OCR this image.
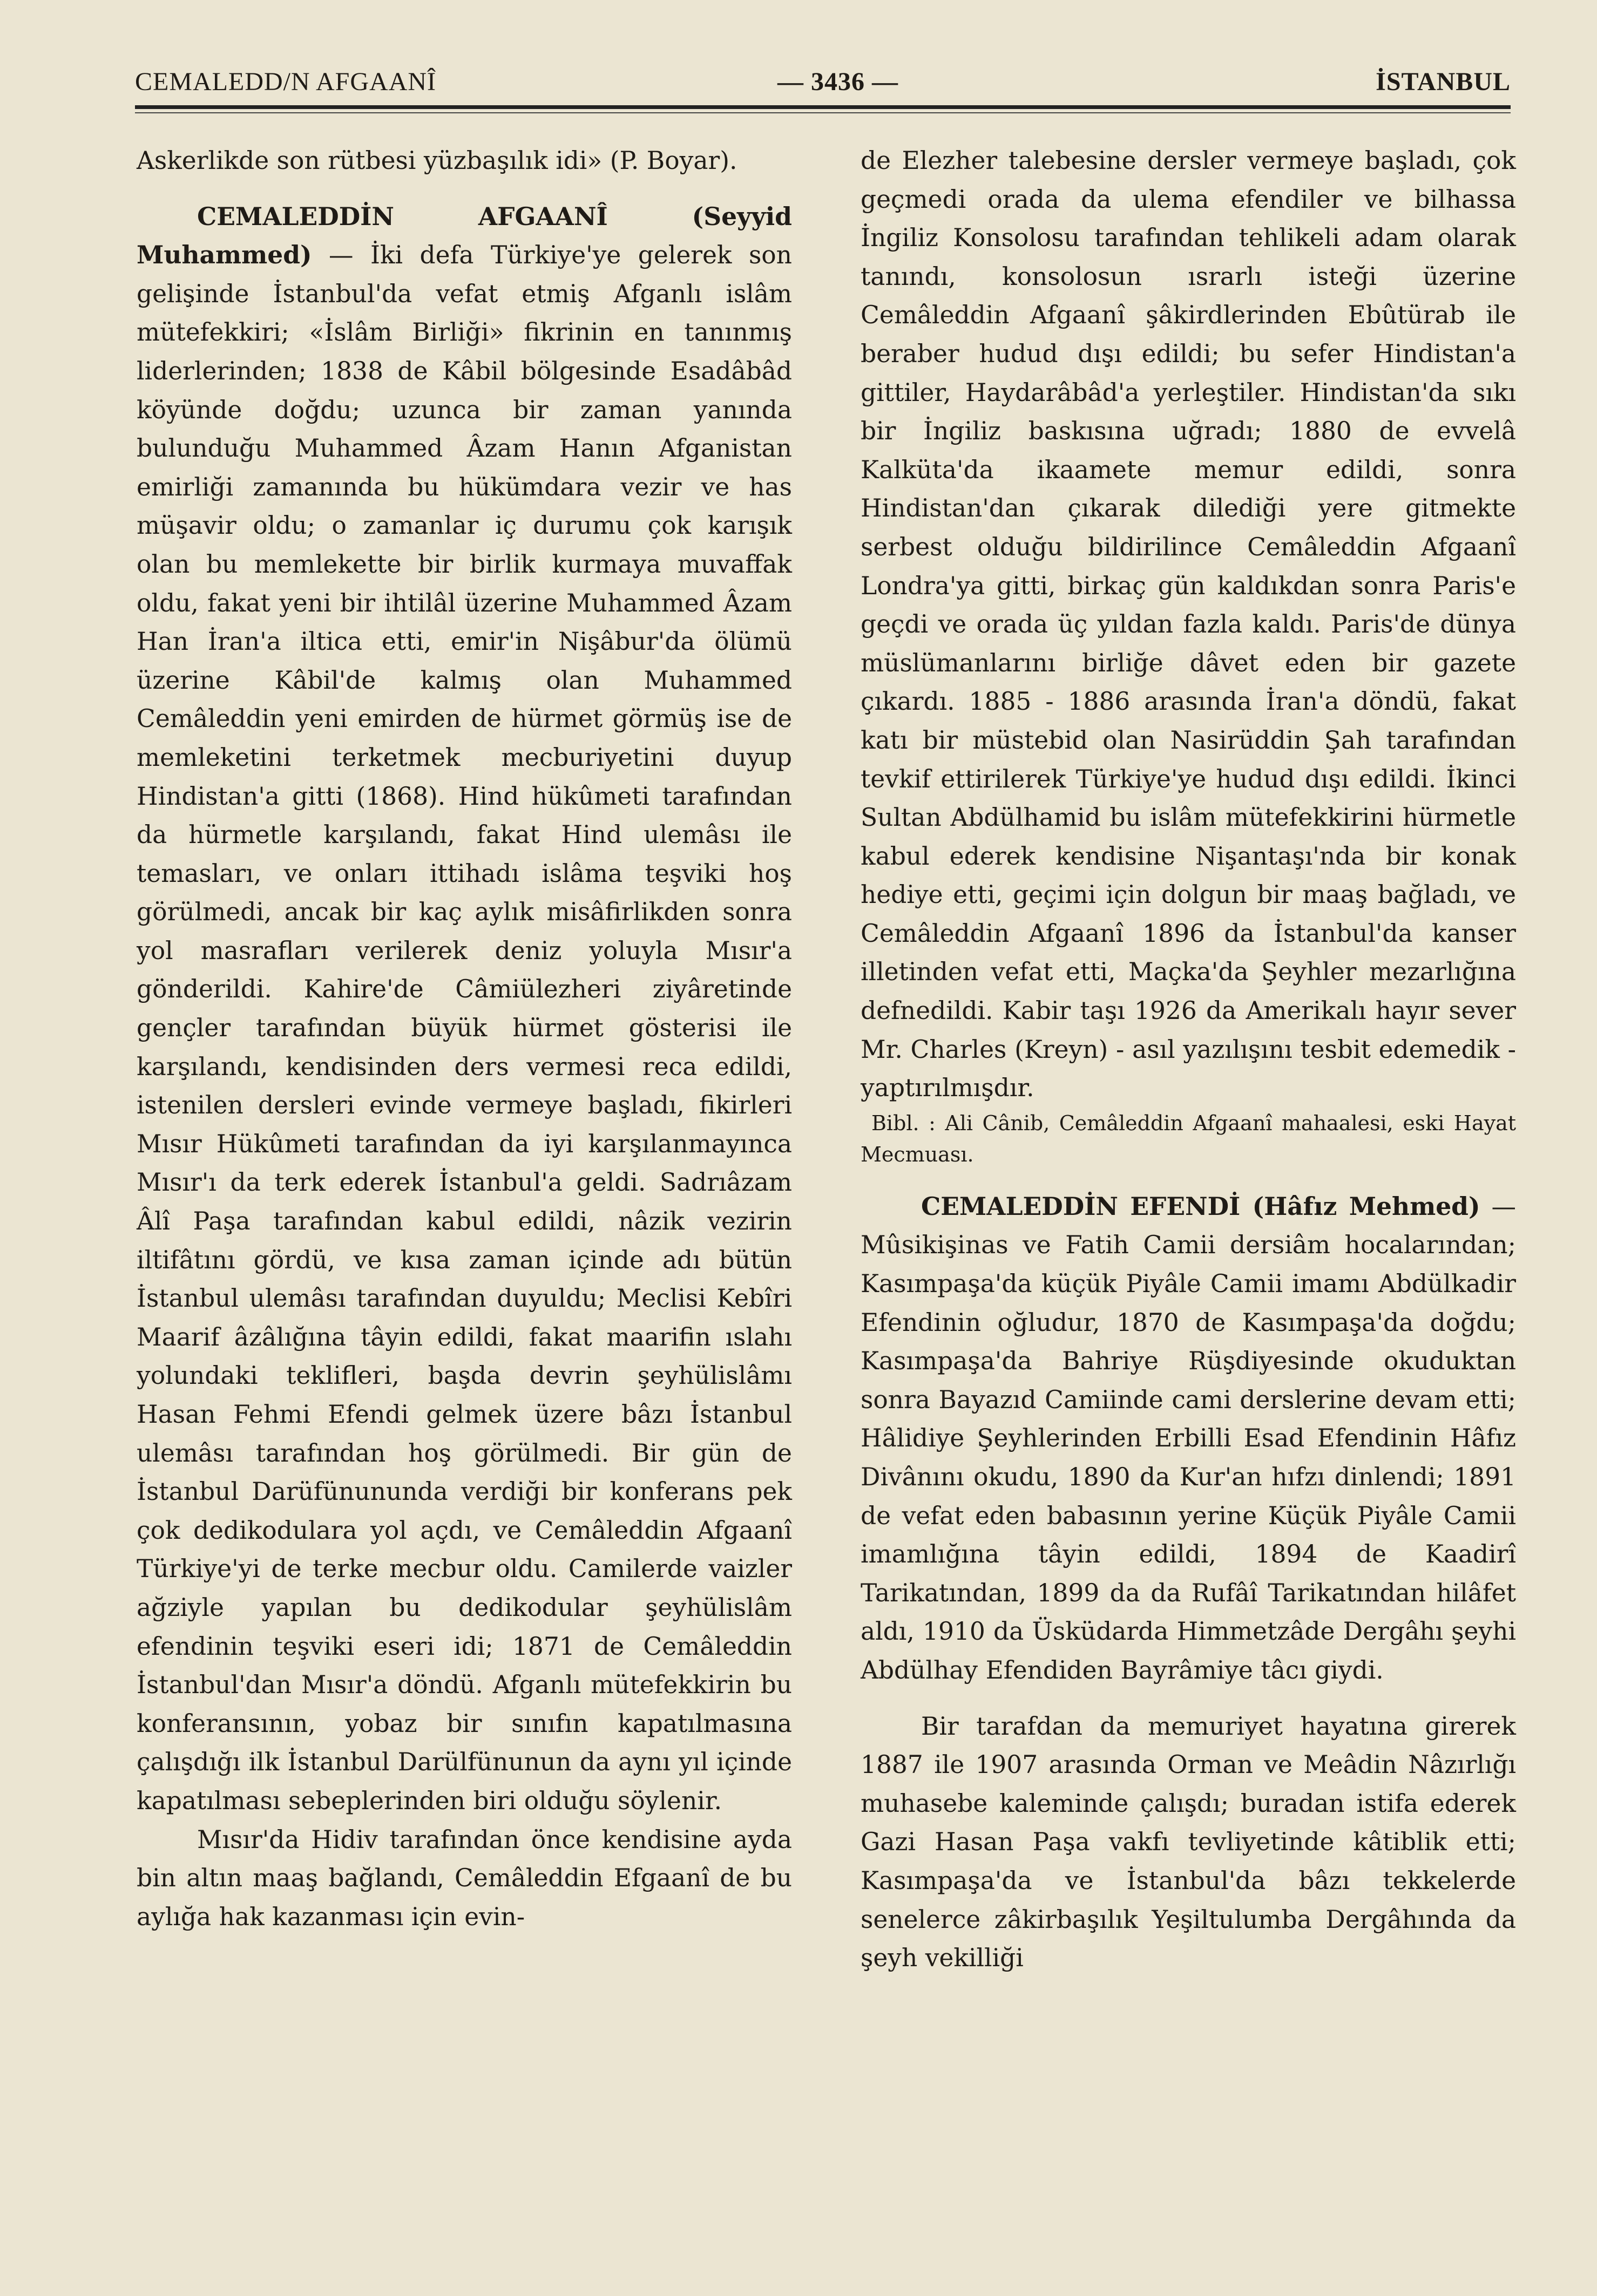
CEMALEDD/N AFGAANÎ	— 3436 —	İSTANBUL

Askerlikde son rütbesi yüzbaşılık idi» (P. Boyar).

CEMALEDDİN AFGAANÎ (Seyyid Muhammed) — İki defa Türkiye'ye gelerek son gelişinde İstanbul'da vefat etmiş Afganlı islâm mütefekkiri; «İslâm Birliği» fikrinin en tanınmış liderlerinden; 1838 de Kâbil bölgesinde Esadâbâd köyünde doğdu; uzunca bir zaman yanında bulunduğu Muhammed Âzam Hanın Afganistan emirliği zamanında bu hükümdara vezir ve has müşavir oldu; o zamanlar iç durumu çok karışık olan bu memlekette bir birlik kurmaya muvaffak oldu, fakat yeni bir ihtilâl üzerine Muhammed Âzam Han İran'a iltica etti, emir'in Nişâbur'da ölümü üzerine Kâbil'de kalmış olan Muhammed Cemâleddin yeni emirden de hürmet görmüş ise de memleketini terketmek mecburiyetini duyup Hindistan'a gitti (1868). Hind hükûmeti tarafından da hürmetle karşılandı, fakat Hind ulemâsı ile temasları, ve onları ittihadı islâma teşviki hoş görülmedi, ancak bir kaç aylık misâfirlikden sonra yol masrafları verilerek deniz yoluyla Mısır'a gönderildi. Kahire'de Câmiülezheri ziyâretinde gençler tarafından büyük hürmet gösterisi ile karşılandı, kendisinden ders vermesi reca edildi, istenilen dersleri evinde vermeye başladı, fikirleri Mısır Hükûmeti tarafından da iyi karşılanmayınca Mısır'ı da terk ederek İstanbul'a geldi. Sadrıâzam Âlî Paşa tarafından kabul edildi, nâzik vezirin iltifâtını gördü, ve kısa zaman içinde adı bütün İstanbul ulemâsı tarafından duyuldu; Meclisi Kebîri Maarif âzâlığına tâyin edildi, fakat maarifin ıslahı yolundaki teklifleri, başda devrin şeyhülislâmı Hasan Fehmi Efendi gelmek üzere bâzı İstanbul ulemâsı tarafından hoş görülmedi. Bir gün de İstanbul Darüfünununda verdiği bir konferans pek çok dedikodulara yol açdı, ve Cemâleddin Afgaanî Türkiye'yi de terke mecbur oldu. Camilerde vaizler ağziyle yapılan bu dedikodular şeyhülislâm efendinin teşviki eseri idi; 1871 de Cemâleddin İstanbul'dan Mısır'a döndü. Afganlı mütefekkirin bu konferansının, yobaz bir sınıfın kapatılmasına çalışdığı ilk İstanbul Darülfünunun da aynı yıl içinde kapatılması sebeplerinden biri olduğu söylenir.

Mısır'da Hidiv tarafından önce kendisine ayda bin altın maaş bağlandı, Cemâleddin Efgaanî de bu aylığa hak kazanması için evin-

de Elezher talebesine dersler vermeye başladı, çok geçmedi orada da ulema efendiler ve bilhassa İngiliz Konsolosu tarafından tehlikeli adam olarak tanındı, konsolosun ısrarlı isteği üzerine Cemâleddin Afgaanî şâkirdlerinden Ebûtürab ile beraber hudud dışı edildi; bu sefer Hindistan'a gittiler, Haydarâbâd'a yerleştiler. Hindistan'da sıkı bir İngiliz baskısına uğradı; 1880 de evvelâ Kalküta'da ikaamete memur edildi, sonra Hindistan'dan çıkarak dilediği yere gitmekte serbest olduğu bildirilince Cemâleddin Afgaanî Londra'ya gitti, birkaç gün kaldıkdan sonra Paris'e geçdi ve orada üç yıldan fazla kaldı. Paris'de dünya müslümanlarını birliğe dâvet eden bir gazete çıkardı. 1885 - 1886 arasında İran'a döndü, fakat katı bir müstebid olan Nasirüddin Şah tarafından tevkif ettirilerek Türkiye'ye hudud dışı edildi. İkinci Sultan Abdülhamid bu islâm mütefekkirini hürmetle kabul ederek kendisine Nişantaşı'nda bir konak hediye etti, geçimi için dolgun bir maaş bağladı, ve Cemâleddin Afgaanî 1896 da İstanbul'da kanser illetinden vefat etti, Maçka'da Şeyhler mezarlığına defnedildi. Kabir taşı 1926 da Amerikalı hayır sever Mr. Charles (Kreyn) - asıl yazılışını tesbit edemedik - yaptırılmışdır.

Bibl. : Ali Cânib, Cemâleddin Afgaanî mahaalesi, eski Hayat Mecmuası.

CEMALEDDİN EFENDİ (Hâfız Mehmed) — Mûsikişinas ve Fatih Camii dersiâm hocalarından; Kasımpaşa'da küçük Piyâle Camii imamı Abdülkadir Efendinin oğludur, 1870 de Kasımpaşa'da doğdu; Kasımpaşa'da Bahriye Rüşdiyesinde okuduktan sonra Bayazıd Camiinde cami derslerine devam etti; Hâlidiye Şeyhlerinden Erbilli Esad Efendinin Hâfız Divânını okudu, 1890 da Kur'an hıfzı dinlendi; 1891 de vefat eden babasının yerine Küçük Piyâle Camii imamlığına tâyin edildi, 1894 de Kaadirî Tarikatından, 1899 da da Rufâî Tarikatından hilâfet aldı, 1910 da Üsküdarda Himmetzâde Dergâhı şeyhi Abdülhay Efendiden Bayrâmiye tâcı giydi.

Bir tarafdan da memuriyet hayatına girerek 1887 ile 1907 arasında Orman ve Meâdin Nâzırlığı muhasebe kaleminde çalışdı; buradan istifa ederek Gazi Hasan Paşa vakfı tevliyetinde kâtiblik etti; Kasımpaşa'da ve İstanbul'da bâzı tekkelerde senelerce zâkirbaşılık Yeşiltulumba Dergâhında da şeyh vekilliği
